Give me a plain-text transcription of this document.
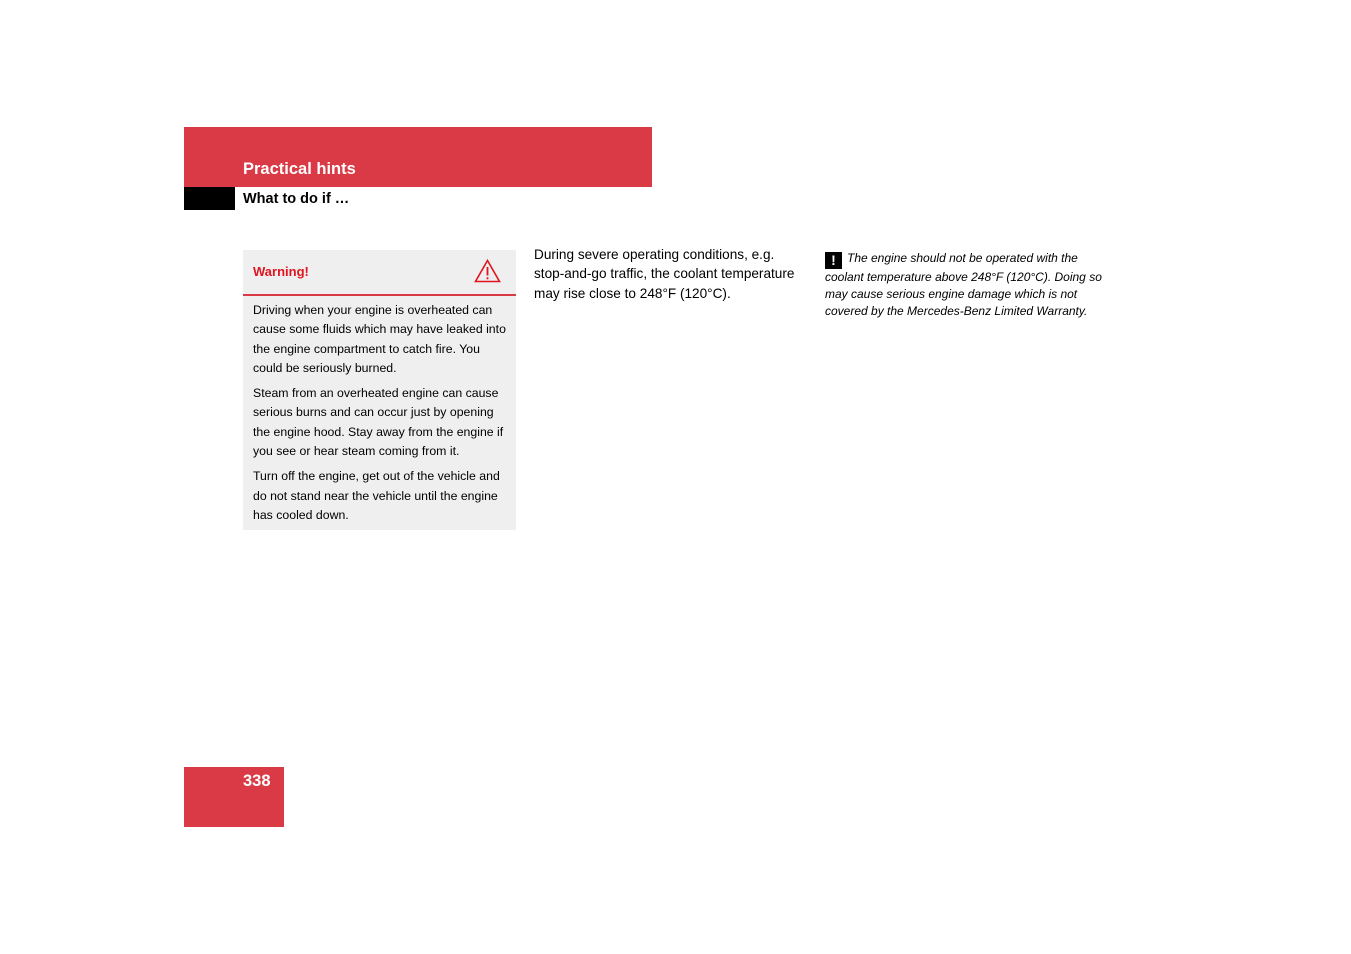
Practical hints
What to do if …
Warning!

Driving when your engine is overheated can cause some fluids which may have leaked into the engine compartment to catch fire. You could be seriously burned.

Steam from an overheated engine can cause serious burns and can occur just by opening the engine hood. Stay away from the engine if you see or hear steam coming from it.

Turn off the engine, get out of the vehicle and do not stand near the vehicle until the engine has cooled down.

During severe operating conditions, e.g. stop-and-go traffic, the coolant temperature may rise close to 248°F (120°C).

! The engine should not be operated with the coolant temperature above 248°F (120°C). Doing so may cause serious engine damage which is not covered by the Mercedes-Benz Limited Warranty.

338
